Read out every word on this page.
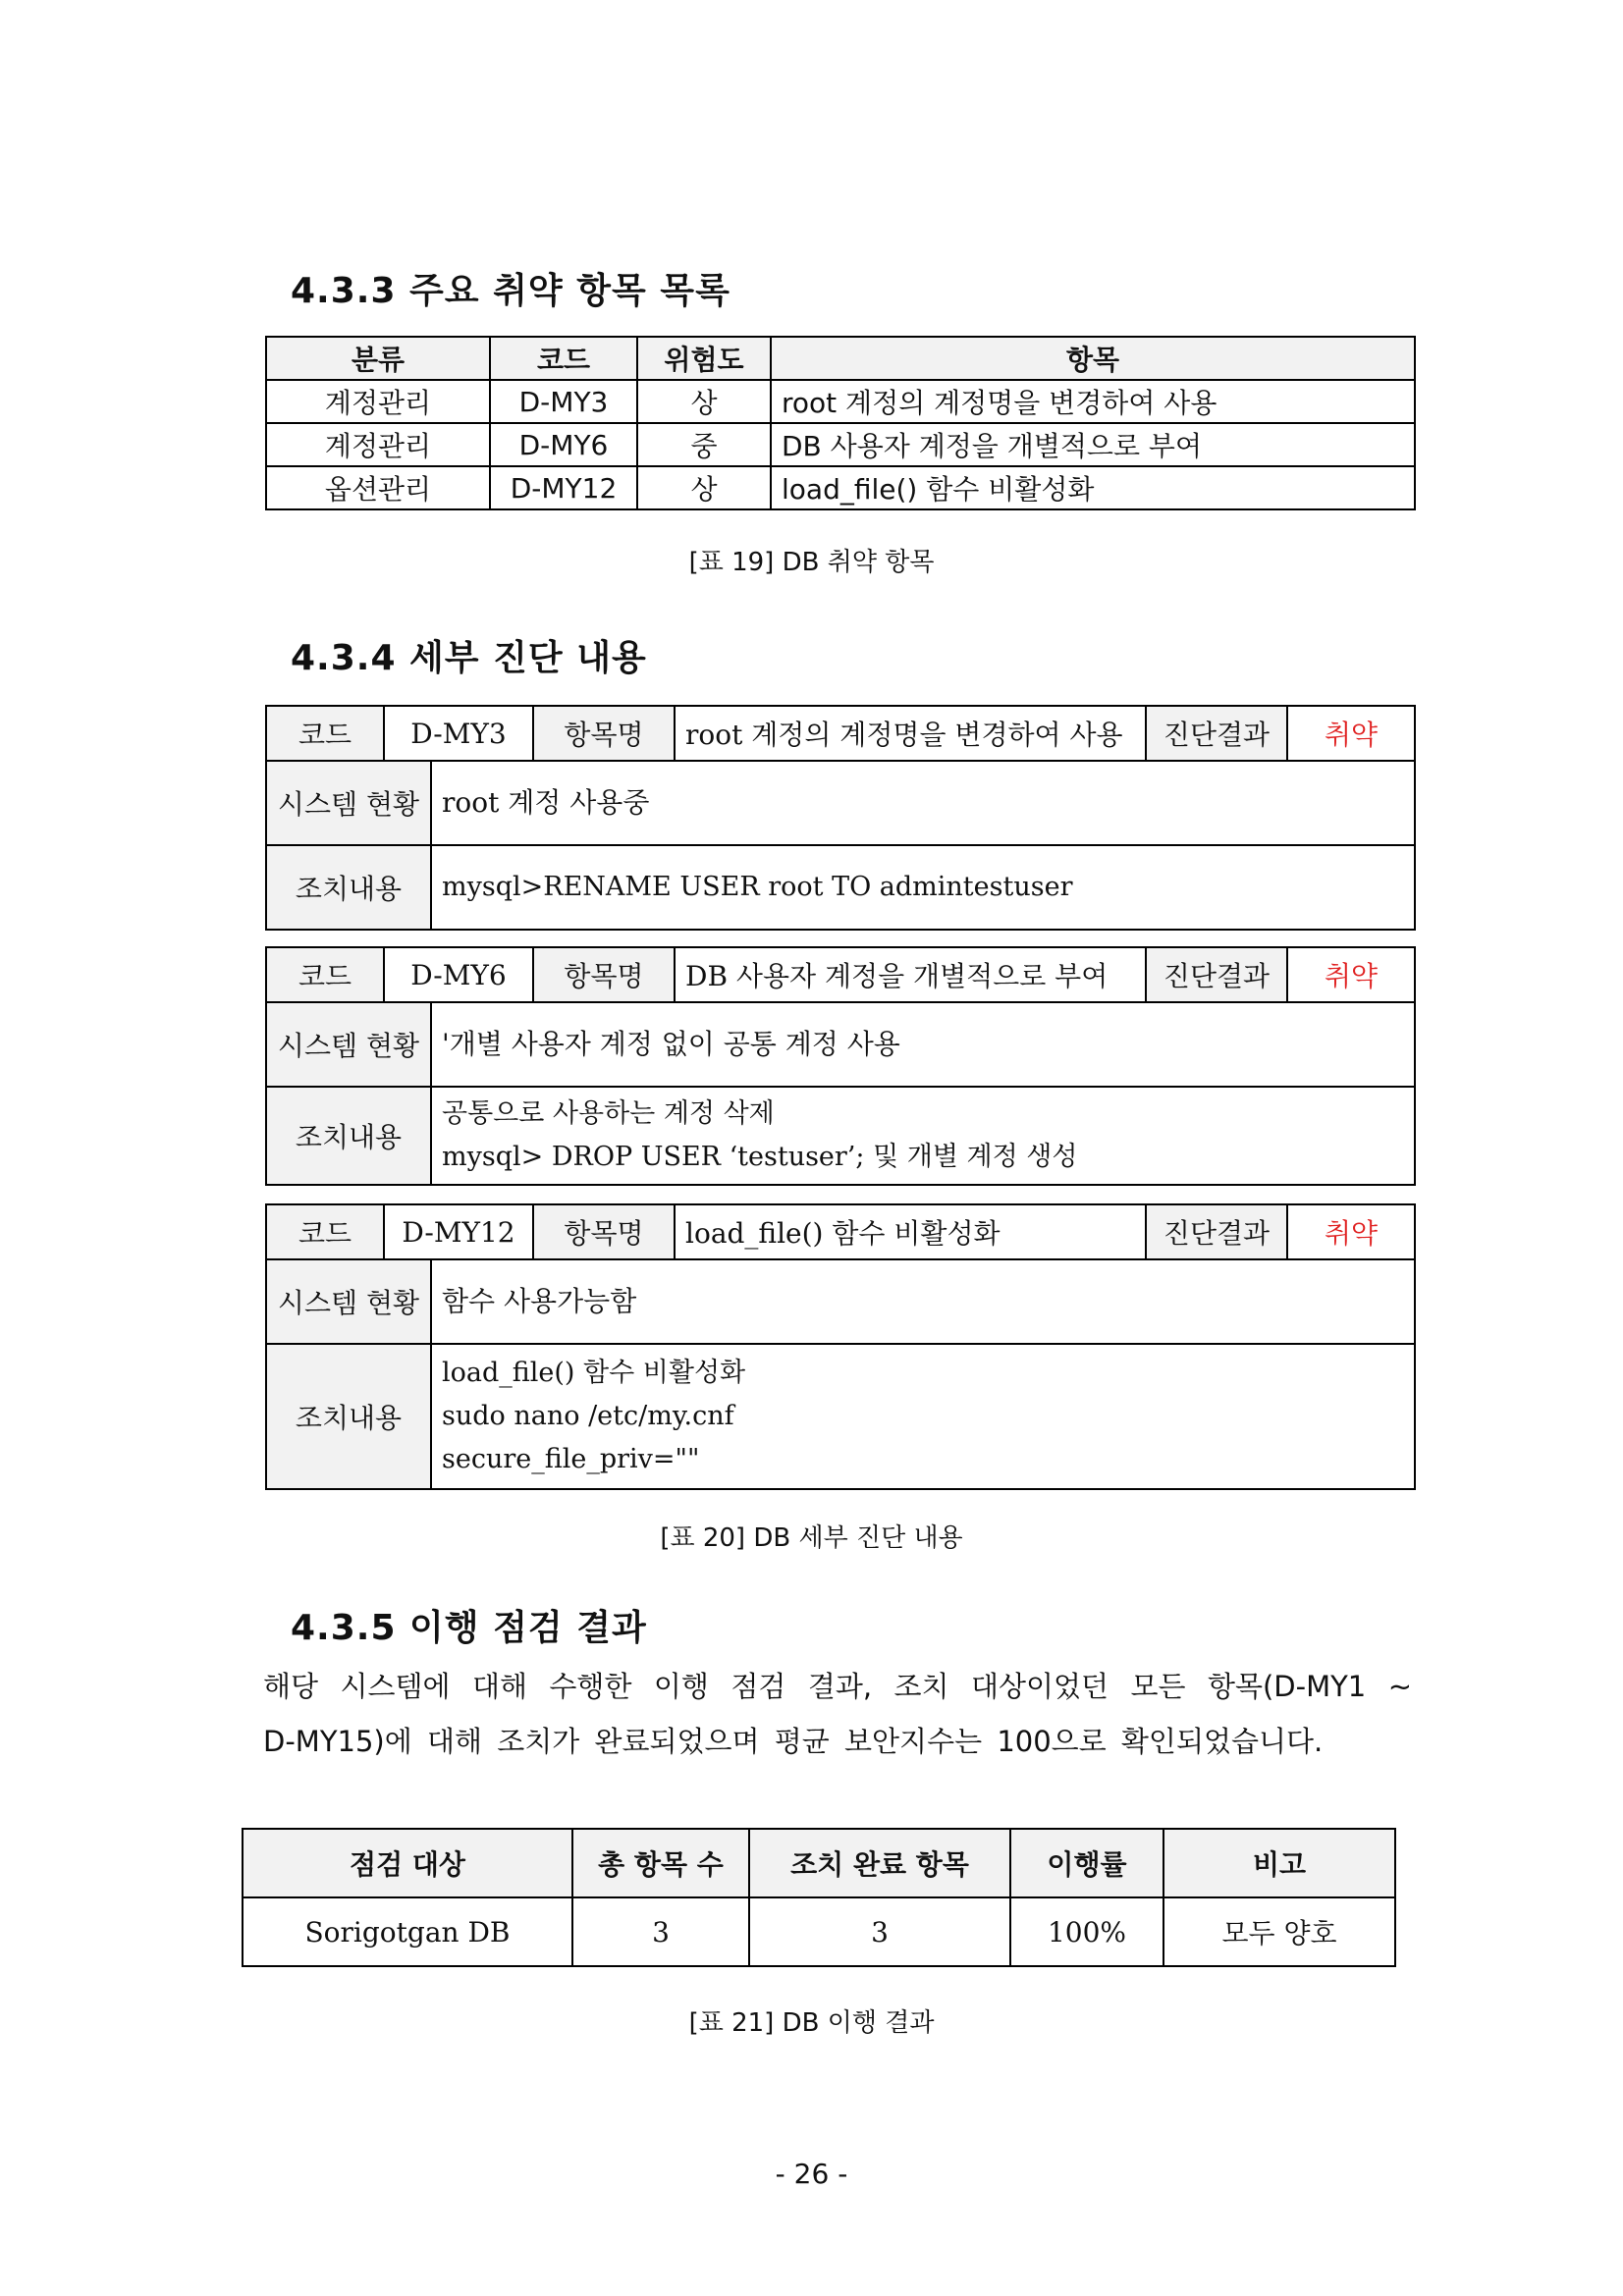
4.3.3 주요 취약 항목 목록
분류	코드	위험도	항목
계정관리	D-MY3	상	root 계정의 계정명을 변경하여 사용
계정관리	D-MY6	중	DB 사용자 계정을 개별적으로 부여
옵션관리	D-MY12	상	load_file() 함수 비활성화
[표 19] DB 취약 항목
4.3.4 세부 진단 내용
코드	D-MY3		항목명	root 계정의 계정명을 변경하여 사용	진단결과	취약
시스템 현황		root 계정 사용중				
조치내용		mysql>RENAME USER root TO admintestuser				
코드	D-MY6		항목명	DB 사용자 계정을 개별적으로 부여	진단결과	취약
시스템 현황		'개별 사용자 계정 없이 공통 계정 사용				
조치내용		공통으로 사용하는 계정 삭제
mysql> DROP USER ‘testuser’; 및 개별 계정 생성				
코드	D-MY12		항목명	load_file() 함수 비활성화	진단결과	취약
시스템 현황		함수 사용가능함				
조치내용		load_file() 함수 비활성화
sudo nano /etc/my.cnf
secure_file_priv=""				
[표 20] DB 세부 진단 내용
4.3.5 이행 점검 결과
해당 시스템에 대해 수행한 이행 점검 결과, 조치 대상이었던 모든 항목(D-MY1 ~
D-MY15)에 대해 조치가 완료되었으며 평균 보안지수는 100으로 확인되었습니다.
점검 대상	총 항목 수	조치 완료 항목	이행률	비고
Sorigotgan DB	3	3	100%	모두 양호
[표 21] DB 이행 결과
- 26 -
